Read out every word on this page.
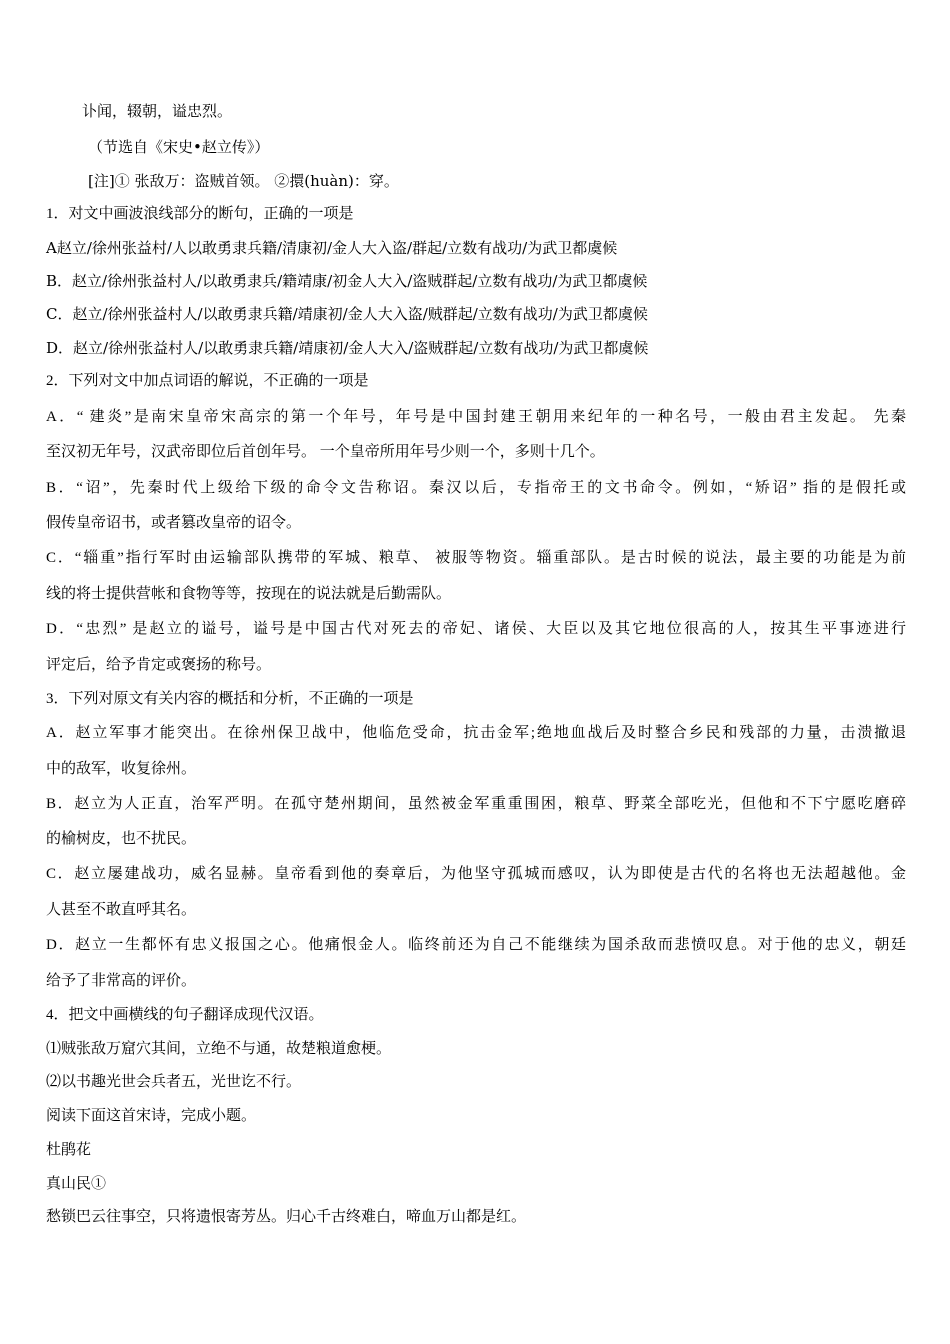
讣闻，辍朝，谥忠烈。
（节选自《宋史•赵立传》）
[注]① 张敌万：盗贼首领。 ②擐(huàn)：穿。
1．对文中画波浪线部分的断句，正确的一项是
A赵立/徐州张益村/人以敢勇隶兵籍/清康初/金人大入盗/群起/立数有战功/为武卫都虞候
B．赵立/徐州张益村人/以敢勇隶兵/籍靖康/初金人大入/盗贼群起/立数有战功/为武卫都虞候
C．赵立/徐州张益村人/以敢勇隶兵籍/靖康初/金人大入盗/贼群起/立数有战功/为武卫都虞候
D．赵立/徐州张益村人/以敢勇隶兵籍/靖康初/金人大入/盗贼群起/立数有战功/为武卫都虞候
2．下列对文中加点词语的解说，不正确的一项是
A．“ 建炎”是南宋皇帝宋高宗的第一个年号，年号是中国封建王朝用来纪年的一种名号，一般由君主发起。 先秦
至汉初无年号，汉武帝即位后首创年号。 一个皇帝所用年号少则一个，多则十几个。
B．“诏”，先秦时代上级给下级的命令文告称诏。秦汉以后，专指帝王的文书命令。例如，“矫诏” 指的是假托或
假传皇帝诏书，或者篡改皇帝的诏令。
C．“辎重”指行军时由运输部队携带的军城、粮草、 被服等物资。辎重部队。是古时候的说法，最主要的功能是为前
线的将士提供营帐和食物等等，按现在的说法就是后勤需队。
D．“忠烈” 是赵立的谥号，谥号是中国古代对死去的帝妃、诸侯、大臣以及其它地位很高的人，按其生平事迹进行
评定后，给予肯定或褒扬的称号。
3．下列对原文有关内容的概括和分析，不正确的一项是
A．赵立军事才能突出。在徐州保卫战中，他临危受命，抗击金军;绝地血战后及时整合乡民和残部的力量，击溃撤退
中的敌军，收复徐州。
B．赵立为人正直，治军严明。在孤守楚州期间，虽然被金军重重围困，粮草、野菜全部吃光，但他和不下宁愿吃磨碎
的榆树皮，也不扰民。
C．赵立屡建战功，威名显赫。皇帝看到他的奏章后，为他坚守孤城而感叹，认为即使是古代的名将也无法超越他。金
人甚至不敢直呼其名。
D．赵立一生都怀有忠义报国之心。他痛恨金人。临终前还为自己不能继续为国杀敌而悲愤叹息。对于他的忠义，朝廷
给予了非常高的评价。
4．把文中画横线的句子翻译成现代汉语。
⑴贼张敌万窟穴其间，立绝不与通，故楚粮道愈梗。
⑵以书趣光世会兵者五，光世讫不行。
阅读下面这首宋诗，完成小题。
杜鹃花
真山民①
愁锁巴云往事空，只将遗恨寄芳丛。归心千古终难白，啼血万山都是红。
